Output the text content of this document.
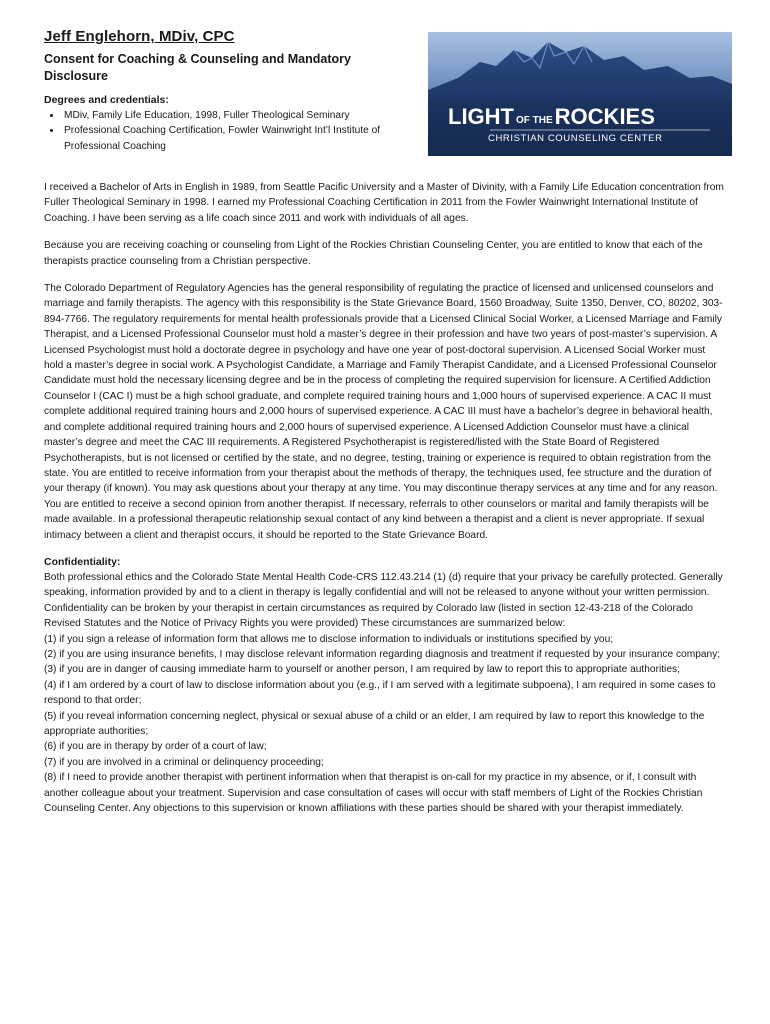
LIGHT OF THEROCKIES
CHRISTIAN COUNSELING CENTER
Jeff Englehorn, MDiv, CPC
Consent for Coaching & Counseling and Mandatory Disclosure
Degrees and credentials:
• MDiv, Family Life Education, 1998, Fuller Theological Seminary
• Professional Coaching Certification, Fowler Wainwright Int’l Institute of Professional Coaching

I received a Bachelor of Arts in English in 1989, from Seattle Pacific University and a Master of Divinity, with a Family Life Education concentration from Fuller Theological Seminary in 1998. I earned my Professional Coaching Certification in 2011 from the Fowler Wainwright International Institute of Coaching. I have been serving as a life coach since 2011 and work with individuals of all ages.

Because you are receiving coaching or counseling from Light of the Rockies Christian Counseling Center, you are entitled to know that each of the therapists practice counseling from a Christian perspective.

The Colorado Department of Regulatory Agencies has the general responsibility of regulating the practice of licensed and unlicensed counselors and marriage and family therapists. The agency with this responsibility is the State Grievance Board, 1560 Broadway, Suite 1350, Denver, CO, 80202, 303-894-7766. The regulatory requirements for mental health professionals provide that a Licensed Clinical Social Worker, a Licensed Marriage and Family Therapist, and a Licensed Professional Counselor must hold a master’s degree in their profession and have two years of post-master’s supervision. A Licensed Psychologist must hold a doctorate degree in psychology and have one year of post-doctoral supervision. A Licensed Social Worker must hold a master’s degree in social work. A Psychologist Candidate, a Marriage and Family Therapist Candidate, and a Licensed Professional Counselor Candidate must hold the necessary licensing degree and be in the process of completing the required supervision for licensure. A Certified Addiction Counselor I (CAC I) must be a high school graduate, and complete required training hours and 1,000 hours of supervised experience. A CAC II must complete additional required training hours and 2,000 hours of supervised experience. A CAC III must have a bachelor’s degree in behavioral health, and complete additional required training hours and 2,000 hours of supervised experience. A Licensed Addiction Counselor must have a clinical master’s degree and meet the CAC III requirements. A Registered Psychotherapist is registered/listed with the State Board of Registered Psychotherapists, but is not licensed or certified by the state, and no degree, testing, training or experience is required to obtain registration from the state. You are entitled to receive information from your therapist about the methods of therapy, the techniques used, fee structure and the duration of your therapy (if known). You may ask questions about your therapy at any time. You may discontinue therapy services at any time and for any reason. You are entitled to receive a second opinion from another therapist. If necessary, referrals to other counselors or marital and family therapists will be made available. In a professional therapeutic relationship sexual contact of any kind between a therapist and a client is never appropriate. If sexual intimacy between a client and therapist occurs, it should be reported to the State Grievance Board.

Confidentiality:

Both professional ethics and the Colorado State Mental Health Code-CRS 112.43.214 (1) (d) require that your privacy be carefully protected. Generally speaking, information provided by and to a client in therapy is legally confidential and will not be released to anyone without your written permission. Confidentiality can be broken by your therapist in certain circumstances as required by Colorado law (listed in section 12-43-218 of the Colorado Revised Statutes and the Notice of Privacy Rights you were provided) These circumstances are summarized below:

(1) if you sign a release of information form that allows me to disclose information to individuals or institutions specified by you;

(2) if you are using insurance benefits, I may disclose relevant information regarding diagnosis and treatment if requested by your insurance company;

(3) if you are in danger of causing immediate harm to yourself or another person, I am required by law to report this to appropriate authorities;

(4) if I am ordered by a court of law to disclose information about you (e.g., if I am served with a legitimate subpoena), I am required in some cases to respond to that order;

(5) if you reveal information concerning neglect, physical or sexual abuse of a child or an elder, I am required by law to report this knowledge to the appropriate authorities;

(6) if you are in therapy by order of a court of law;

(7) if you are involved in a criminal or delinquency proceeding;

(8) if I need to provide another therapist with pertinent information when that therapist is on-call for my practice in my absence, or if, I consult with another colleague about your treatment. Supervision and case consultation of cases will occur with staff members of Light of the Rockies Christian Counseling Center. Any objections to this supervision or known affiliations with these parties should be shared with your therapist immediately.
